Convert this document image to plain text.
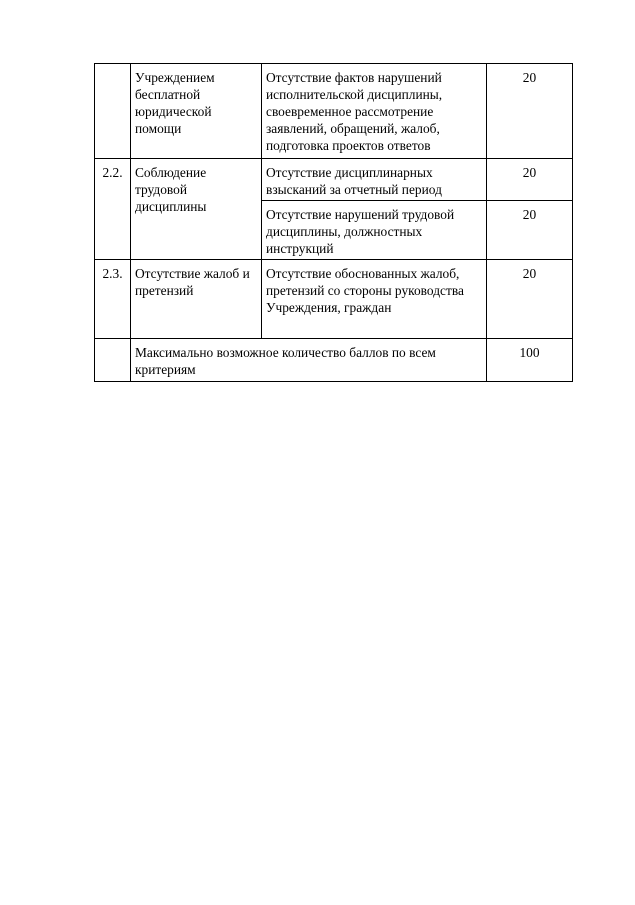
	Учреждением бесплатной юридической помощи	Отсутствие фактов нарушений исполнительской дисциплины, своевременное рассмотрение заявлений, обращений, жалоб, подготовка проектов ответов	20
2.2.	Соблюдение трудовой дисциплины	Отсутствие дисциплинарных взысканий за отчетный период	20
		Отсутствие нарушений трудовой дисциплины, должностных инструкций	20
2.3.	Отсутствие жалоб и претензий	Отсутствие обоснованных жалоб, претензий со стороны руководства Учреждения, граждан	20
	Максимально возможное количество баллов по всем критериям		100
